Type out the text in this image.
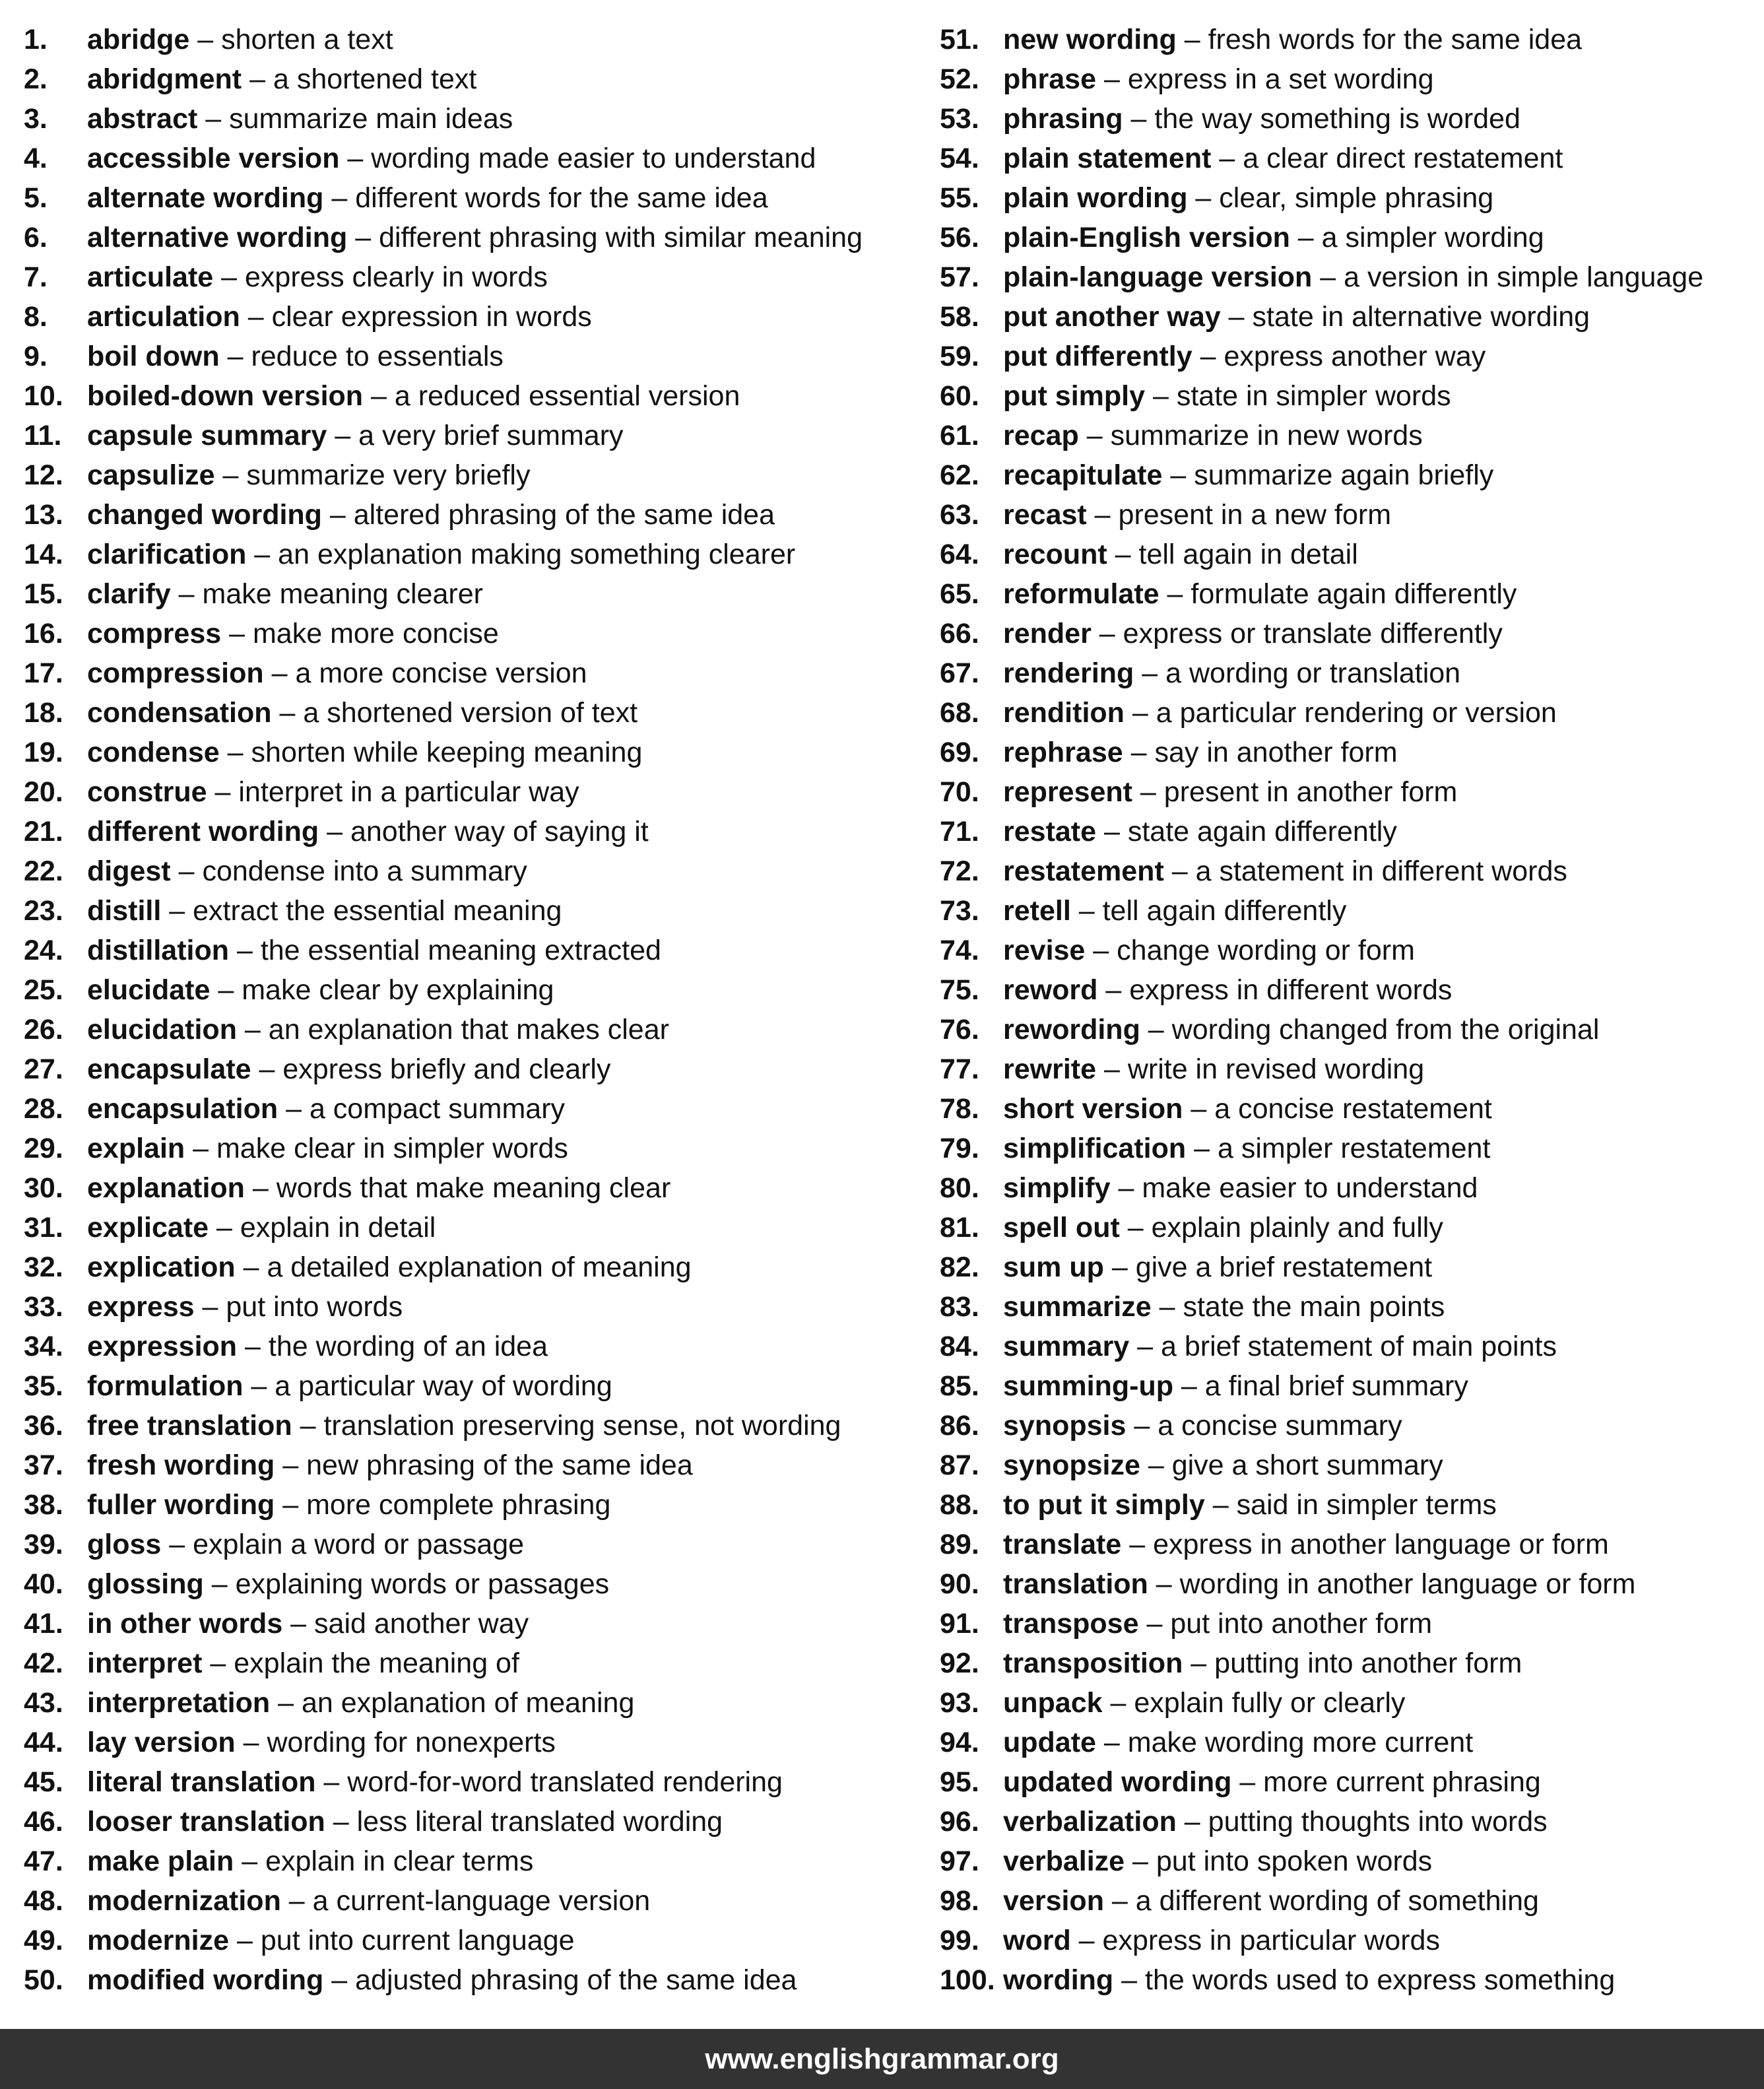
1.	abridge – shorten a text
2.	abridgment – a shortened text
3.	abstract – summarize main ideas
4.	accessible version – wording made easier to understand
5.	alternate wording – different words for the same idea
6.	alternative wording – different phrasing with similar meaning
7.	articulate – express clearly in words
8.	articulation – clear expression in words
9.	boil down – reduce to essentials
10. boiled-down version – a reduced essential version
11. capsule summary – a very brief summary
12. capsulize – summarize very briefly
13. changed wording – altered phrasing of the same idea
14. clarification – an explanation making something clearer
15. clarify – make meaning clearer
16. compress – make more concise
17. compression – a more concise version
18. condensation – a shortened version of text
19. condense – shorten while keeping meaning
20. construe – interpret in a particular way
21. different wording – another way of saying it
22. digest – condense into a summary
23. distill – extract the essential meaning
24. distillation – the essential meaning extracted
25. elucidate – make clear by explaining
26. elucidation – an explanation that makes clear
27. encapsulate – express briefly and clearly
28. encapsulation – a compact summary
29. explain – make clear in simpler words
30. explanation – words that make meaning clear
31. explicate – explain in detail
32. explication – a detailed explanation of meaning
33. express – put into words
34. expression – the wording of an idea
35. formulation – a particular way of wording
36. free translation – translation preserving sense, not wording
37. fresh wording – new phrasing of the same idea
38. fuller wording – more complete phrasing
39. gloss – explain a word or passage
40. glossing – explaining words or passages
41. in other words – said another way
42. interpret – explain the meaning of
43. interpretation – an explanation of meaning
44. lay version – wording for nonexperts
45. literal translation – word-for-word translated rendering
46. looser translation – less literal translated wording
47. make plain – explain in clear terms
48. modernization – a current-language version
49. modernize – put into current language
50. modified wording – adjusted phrasing of the same idea
51. new wording – fresh words for the same idea
52. phrase – express in a set wording
53. phrasing – the way something is worded
54. plain statement – a clear direct restatement
55. plain wording – clear, simple phrasing
56. plain-English version – a simpler wording
57. plain-language version – a version in simple language
58. put another way – state in alternative wording
59. put differently – express another way
60. put simply – state in simpler words
61. recap – summarize in new words
62. recapitulate – summarize again briefly
63. recast – present in a new form
64. recount – tell again in detail
65. reformulate – formulate again differently
66. render – express or translate differently
67. rendering – a wording or translation
68. rendition – a particular rendering or version
69. rephrase – say in another form
70. represent – present in another form
71. restate – state again differently
72. restatement – a statement in different words
73. retell – tell again differently
74. revise – change wording or form
75. reword – express in different words
76. rewording – wording changed from the original
77. rewrite – write in revised wording
78. short version – a concise restatement
79. simplification – a simpler restatement
80. simplify – make easier to understand
81. spell out – explain plainly and fully
82. sum up – give a brief restatement
83. summarize – state the main points
84. summary – a brief statement of main points
85. summing-up – a final brief summary
86. synopsis – a concise summary
87. synopsize – give a short summary
88. to put it simply – said in simpler terms
89. translate – express in another language or form
90. translation – wording in another language or form
91. transpose – put into another form
92. transposition – putting into another form
93. unpack – explain fully or clearly
94. update – make wording more current
95. updated wording – more current phrasing
96. verbalization – putting thoughts into words
97. verbalize – put into spoken words
98. version – a different wording of something
99. word – express in particular words
100. wording – the words used to express something
www.englishgrammar.org
